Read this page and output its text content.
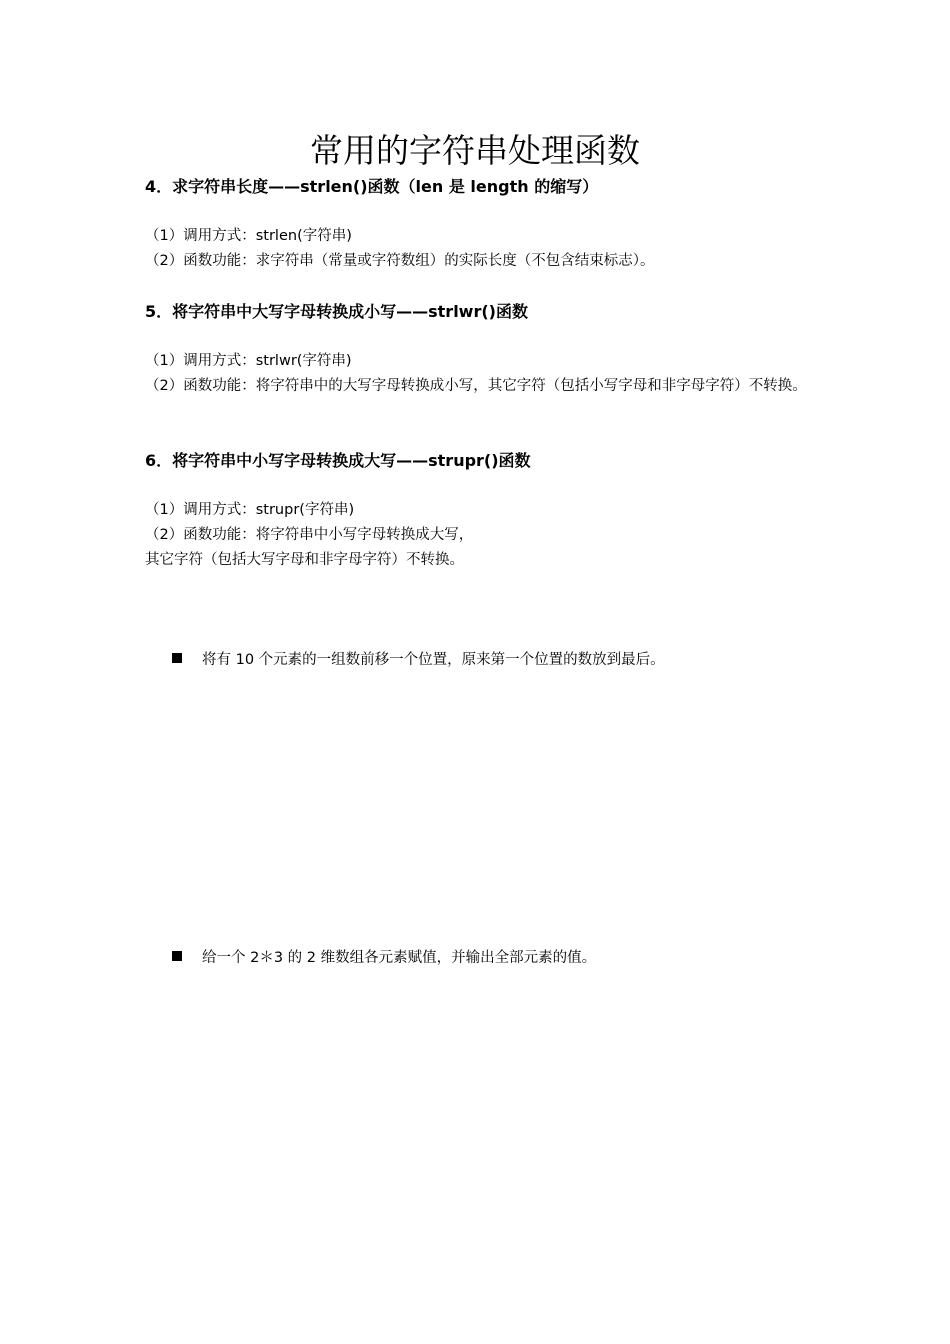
常用的字符串处理函数
4．求字符串长度——strlen()函数（len 是 length 的缩写）
（1）调用方式：strlen(字符串)
（2）函数功能：求字符串（常量或字符数组）的实际长度（不包含结束标志）。
5．将字符串中大写字母转换成小写——strlwr()函数
（1）调用方式：strlwr(字符串)
（2）函数功能：将字符串中的大写字母转换成小写，其它字符（包括小写字母和非字母字符）不转换。
6．将字符串中小写字母转换成大写——strupr()函数
（1）调用方式：strupr(字符串)
（2）函数功能：将字符串中小写字母转换成大写，
其它字符（包括大写字母和非字母字符）不转换。
将有 10 个元素的一组数前移一个位置，原来第一个位置的数放到最后。
给一个 2＊3 的 2 维数组各元素赋值，并输出全部元素的值。
